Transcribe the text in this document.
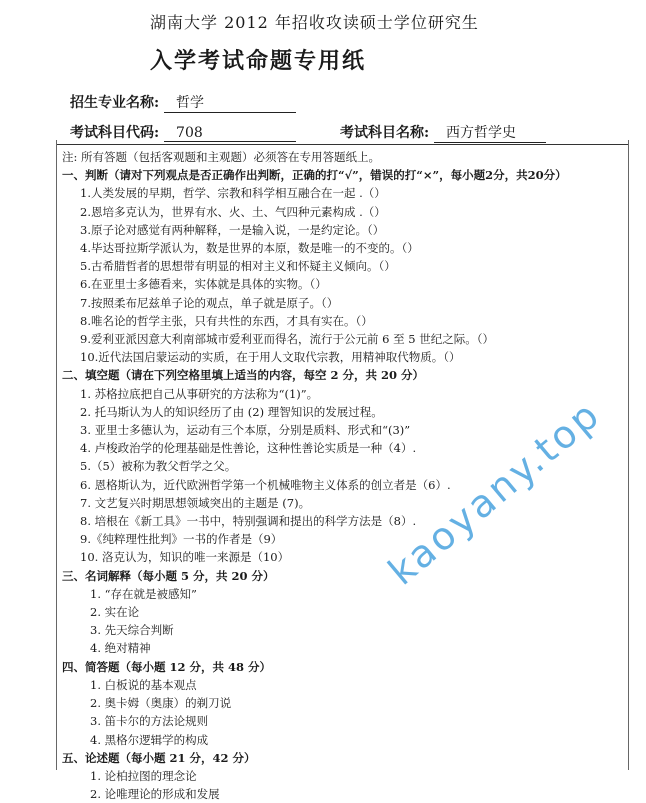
湖南大学 2012 年招收攻读硕士学位研究生
入学考试命题专用纸
招生专业名称: 哲学
考试科目代码: 708	考试科目名称: 西方哲学史

注: 所有答题（包括客观题和主观题）必须答在专用答题纸上。

一、判断（请对下列观点是否正确作出判断，正确的打“√”，错误的打“×”，每小题2分，共20分）

1.人类发展的早期，哲学、宗教和科学相互融合在一起 .（）

2.恩培多克认为，世界有水、火、土、气四种元素构成 .（）

3.原子论对感觉有两种解释，一是输入说，一是约定论。（）

4.毕达哥拉斯学派认为，数是世界的本原，数是唯一的不变的。（）

5.古希腊哲者的思想带有明显的相对主义和怀疑主义倾向。（）

6.在亚里士多德看来，实体就是具体的实物。（）

7.按照柔布尼兹单子论的观点，单子就是原子。（）

8.唯名论的哲学主张，只有共性的东西，才具有实在。（）

9.爱利亚派因意大利南部城市爱利亚而得名，流行于公元前 6 至 5 世纪之际。（）

10.近代法国启蒙运动的实质，在于用人文取代宗教，用精神取代物质。（）

二、填空题（请在下列空格里填上适当的内容，每空 2 分，共 20 分）

1. 苏格拉底把自己从事研究的方法称为“(1)”。

2. 托马斯认为人的知识经历了由 (2) 理智知识的发展过程。

3. 亚里士多德认为，运动有三个本原，分别是质料、形式和“(3)”

4. 卢梭政治学的伦理基础是性善论，这种性善论实质是一种（4）.

5.（5）被称为教父哲学之父。

6. 恩格斯认为，近代欧洲哲学第一个机械唯物主义体系的创立者是（6）.

7. 文艺复兴时期思想领域突出的主题是 (7)。

8. 培根在《新工具》一书中，特别强调和提出的科学方法是（8）.

9.《纯粹理性批判》一书的作者是（9）

10. 洛克认为，知识的唯一来源是（10）

三、名词解释（每小题 5 分，共 20 分）

1. “存在就是被感知”

2. 实在论

3. 先天综合判断

4. 绝对精神

四、简答题（每小题 12 分，共 48 分）

1. 白板说的基本观点

2. 奥卡姆（奥康）的剃刀说

3. 笛卡尔的方法论规则

4. 黑格尔逻辑学的构成

五、论述题（每小题 21 分，42 分）

1. 论柏拉图的理念论

2. 论唯理论的形成和发展

kaoyany.top
